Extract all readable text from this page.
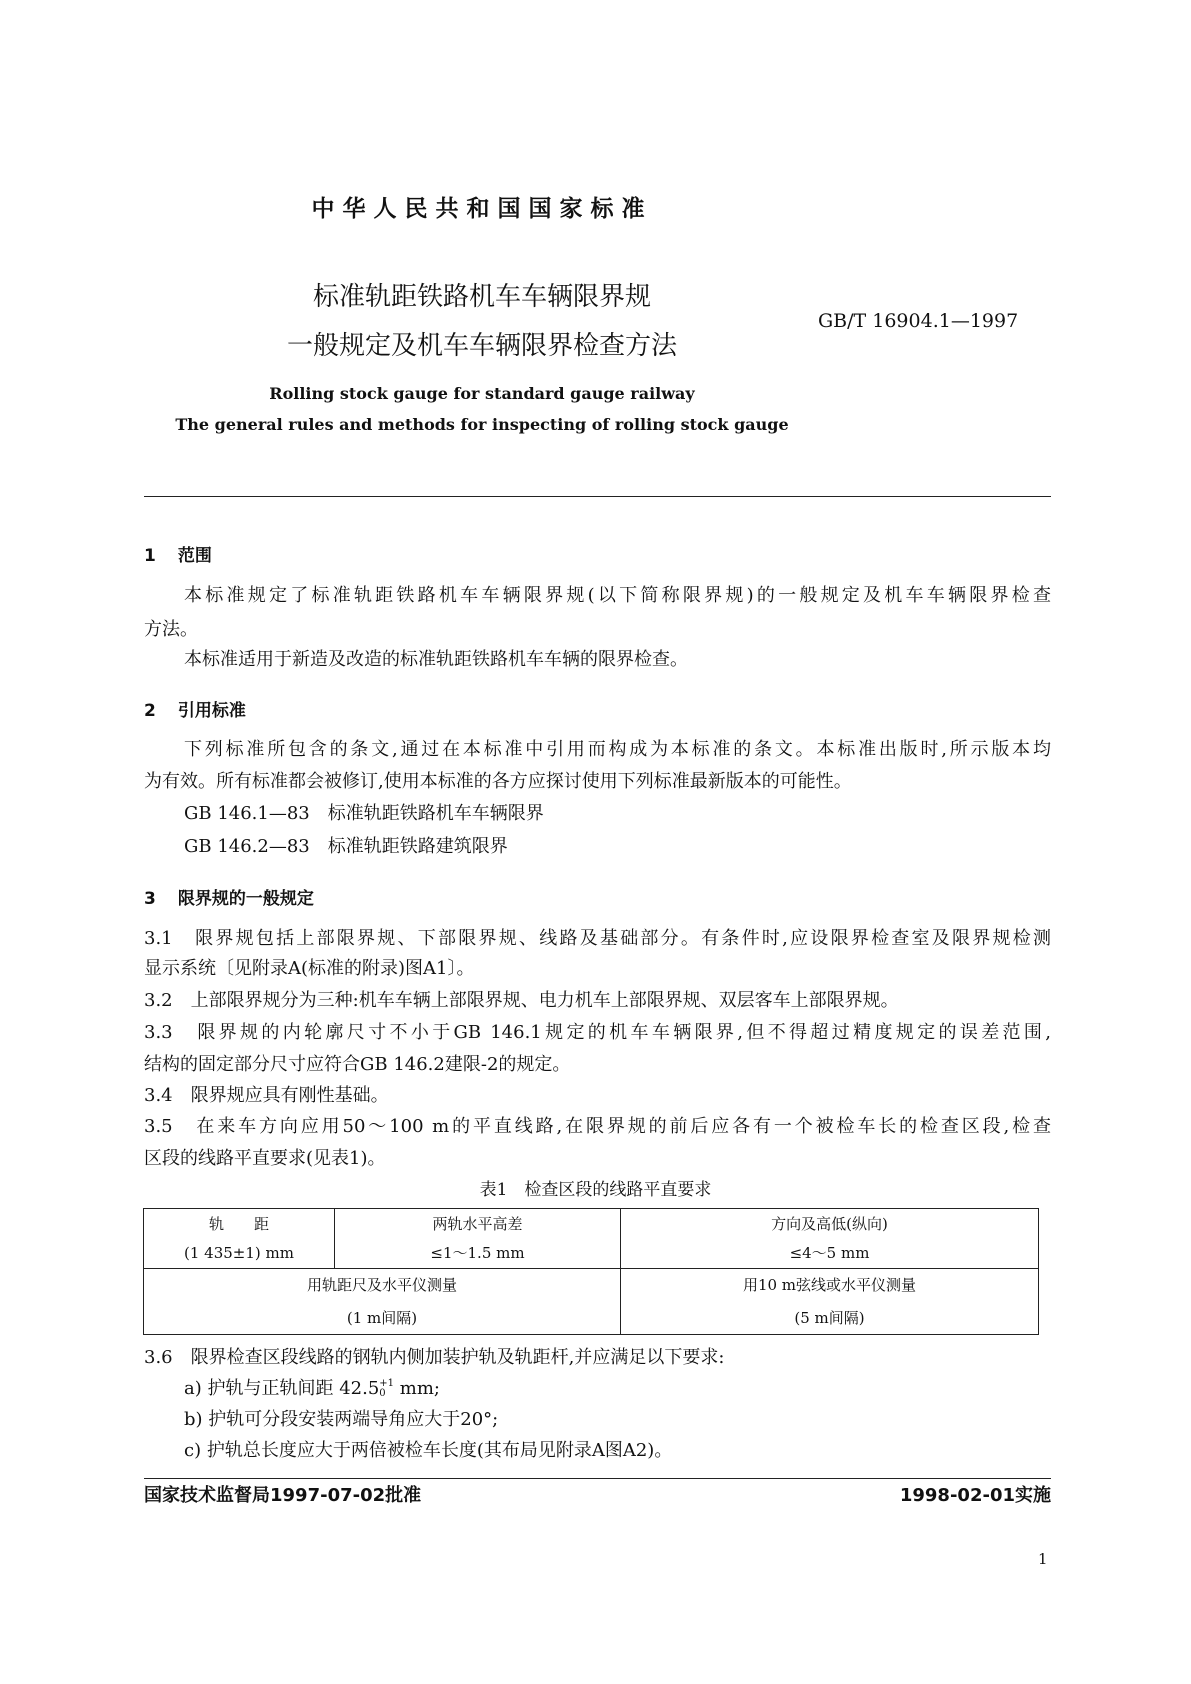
中华人民共和国国家标准
标准轨距铁路机车车辆限界规
一般规定及机车车辆限界检查方法
GB/T 16904.1—1997
Rolling stock gauge for standard gauge railway
The general rules and methods for inspecting of rolling stock gauge
1 范围
本标准规定了标准轨距铁路机车车辆限界规(以下简称限界规)的一般规定及机车车辆限界检查
方法。
本标准适用于新造及改造的标准轨距铁路机车车辆的限界检查。
2 引用标准
下列标准所包含的条文,通过在本标准中引用而构成为本标准的条文。本标准出版时,所示版本均
为有效。所有标准都会被修订,使用本标准的各方应探讨使用下列标准最新版本的可能性。
GB 146.1—83　标准轨距铁路机车车辆限界
GB 146.2—83　标准轨距铁路建筑限界
3 限界规的一般规定
3.1　限界规包括上部限界规、下部限界规、线路及基础部分。有条件时,应设限界检查室及限界规检测
显示系统〔见附录A(标准的附录)图A1〕。
3.2　上部限界规分为三种:机车车辆上部限界规、电力机车上部限界规、双层客车上部限界规。
3.3　限界规的内轮廓尺寸不小于GB 146.1规定的机车车辆限界,但不得超过精度规定的误差范围,
结构的固定部分尺寸应符合GB 146.2建限-2的规定。
3.4　限界规应具有刚性基础。
3.5　在来车方向应用50～100 m的平直线路,在限界规的前后应各有一个被检车长的检查区段,检查
区段的线路平直要求(见表1)。
表1　检查区段的线路平直要求
轨　　距	两轨水平高差	方向及高低(纵向)
(1 435±1) mm	≤1～1.5 mm	≤4～5 mm
用轨距尺及水平仪测量		用10 m弦线或水平仪测量
(1 m间隔)		(5 m间隔)
3.6　限界检查区段线路的钢轨内侧加装护轨及轨距杆,并应满足以下要求:
a) 护轨与正轨间距 42.5 +1
0 mm;
b) 护轨可分段安装两端导角应大于20°;
c) 护轨总长度应大于两倍被检车长度(其布局见附录A图A2)。
国家技术监督局1997-07-02批准	1998-02-01实施
1
